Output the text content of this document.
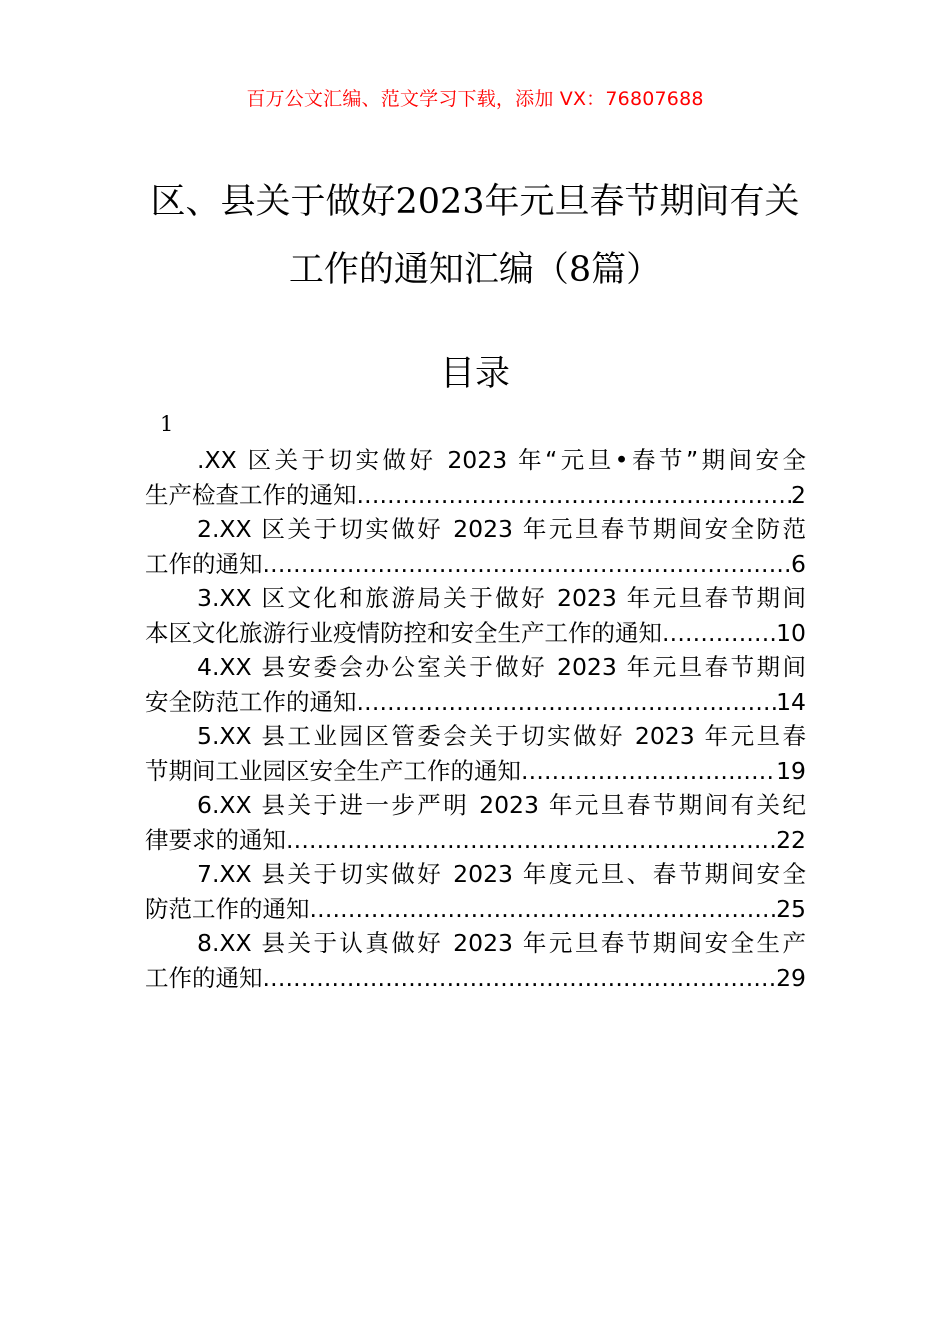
百万公文汇编、范文学习下载，添加 VX：76807688
区、县关于做好2023年元旦春节期间有关
工作的通知汇编（8篇）
目录
1
.XX 区关于切实做好 2023 年“元旦•春节”期间安全
生产检查工作的通知 .....	2
2.XX 区关于切实做好 2023 年元旦春节期间安全防范
工作的通知 .....	6
3.XX 区文化和旅游局关于做好 2023 年元旦春节期间
本区文化旅游行业疫情防控和安全生产工作的通知 .....	10
4.XX 县安委会办公室关于做好 2023 年元旦春节期间
安全防范工作的通知 .....	14
5.XX 县工业园区管委会关于切实做好 2023 年元旦春
节期间工业园区安全生产工作的通知 .....	19
6.XX 县关于进一步严明 2023 年元旦春节期间有关纪
律要求的通知 .....	22
7.XX 县关于切实做好 2023 年度元旦、春节期间安全
防范工作的通知 .....	25
8.XX 县关于认真做好 2023 年元旦春节期间安全生产
工作的通知 .....	29
